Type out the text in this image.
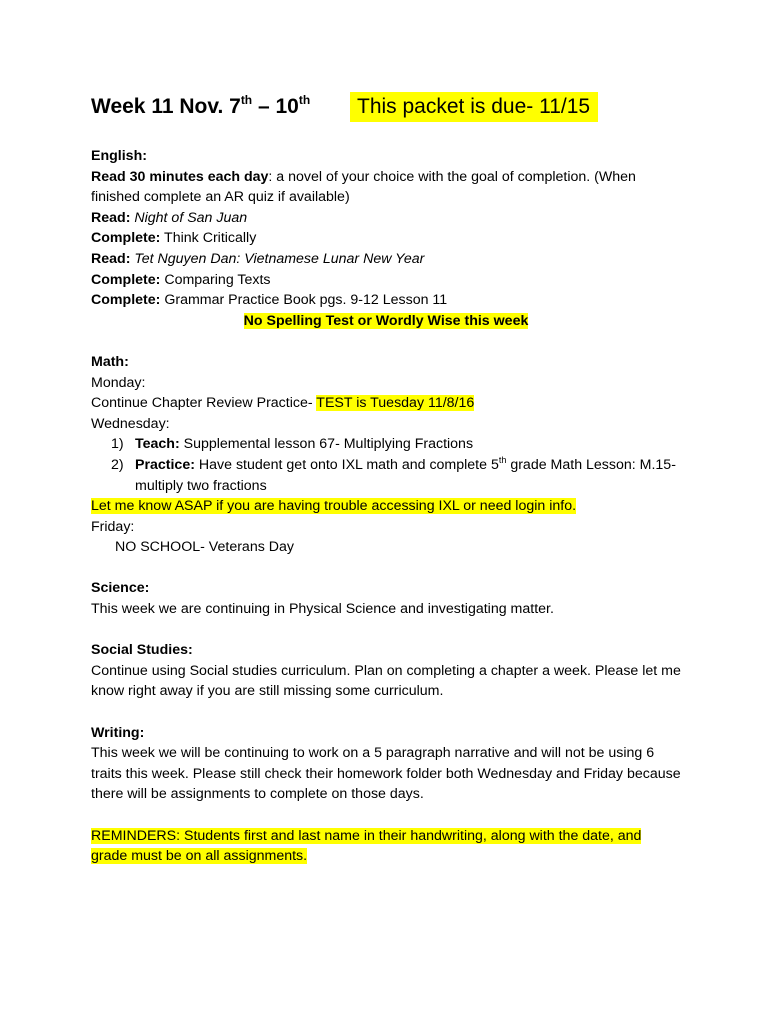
Week 11 Nov. 7th – 10th	This packet is due- 11/15
English:
Read 30 minutes each day: a novel of your choice with the goal of completion. (When finished complete an AR quiz if available)
Read: Night of San Juan
Complete: Think Critically
Read: Tet Nguyen Dan: Vietnamese Lunar New Year
Complete: Comparing Texts
Complete: Grammar Practice Book pgs. 9-12 Lesson 11
No Spelling Test or Wordly Wise this week
Math:
Monday:
Continue Chapter Review Practice- TEST is Tuesday 11/8/16
Wednesday:
1) Teach: Supplemental lesson 67- Multiplying Fractions
2) Practice: Have student get onto IXL math and complete 5th grade Math Lesson: M.15- multiply two fractions
Let me know ASAP if you are having trouble accessing IXL or need login info.
Friday:
NO SCHOOL- Veterans Day
Science:
This week we are continuing in Physical Science and investigating matter.
Social Studies:
Continue using Social studies curriculum. Plan on completing a chapter a week. Please let me know right away if you are still missing some curriculum.
Writing:
This week we will be continuing to work on a 5 paragraph narrative and will not be using 6 traits this week. Please still check their homework folder both Wednesday and Friday because there will be assignments to complete on those days.
REMINDERS: Students first and last name in their handwriting, along with the date, and grade must be on all assignments.
